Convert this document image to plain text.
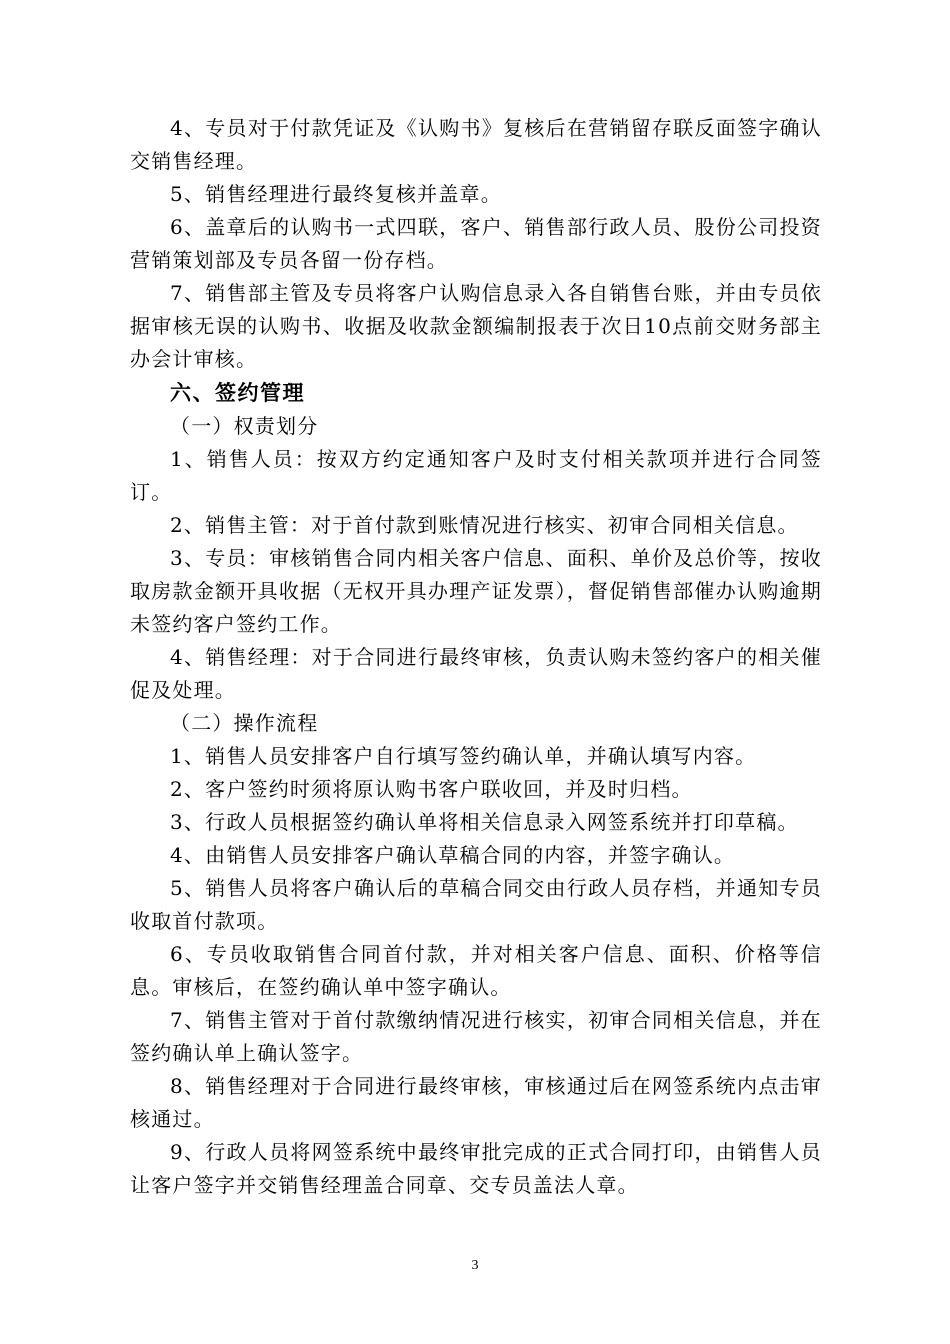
4、专员对于付款凭证及《认购书》复核后在营销留存联反面签字确认交销售经理。

5、销售经理进行最终复核并盖章。

6、盖章后的认购书一式四联，客户、销售部行政人员、股份公司投资营销策划部及专员各留一份存档。

7、销售部主管及专员将客户认购信息录入各自销售台账，并由专员依据审核无误的认购书、收据及收款金额编制报表于次日10点前交财务部主办会计审核。

六、签约管理

（一）权责划分

1、销售人员：按双方约定通知客户及时支付相关款项并进行合同签订。

2、销售主管：对于首付款到账情况进行核实、初审合同相关信息。

3、专员：审核销售合同内相关客户信息、面积、单价及总价等，按收取房款金额开具收据（无权开具办理产证发票），督促销售部催办认购逾期未签约客户签约工作。

4、销售经理：对于合同进行最终审核，负责认购未签约客户的相关催促及处理。

（二）操作流程

1、销售人员安排客户自行填写签约确认单，并确认填写内容。

2、客户签约时须将原认购书客户联收回，并及时归档。

3、行政人员根据签约确认单将相关信息录入网签系统并打印草稿。

4、由销售人员安排客户确认草稿合同的内容，并签字确认。

5、销售人员将客户确认后的草稿合同交由行政人员存档，并通知专员收取首付款项。

6、专员收取销售合同首付款，并对相关客户信息、面积、价格等信息。审核后，在签约确认单中签字确认。

7、销售主管对于首付款缴纳情况进行核实，初审合同相关信息，并在签约确认单上确认签字。

8、销售经理对于合同进行最终审核，审核通过后在网签系统内点击审核通过。

9、行政人员将网签系统中最终审批完成的正式合同打印，由销售人员让客户签字并交销售经理盖合同章、交专员盖法人章。

3
